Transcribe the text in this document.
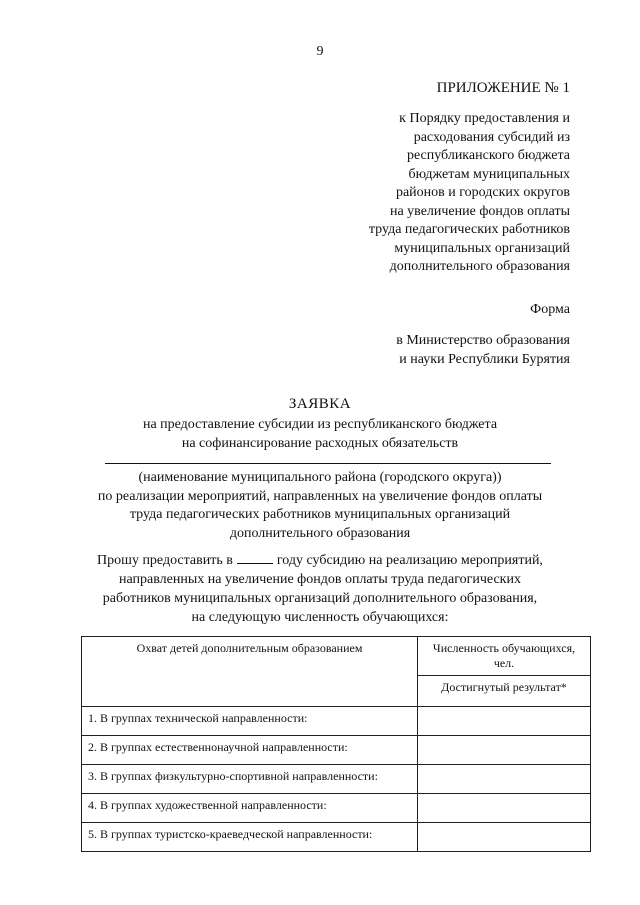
9
ПРИЛОЖЕНИЕ № 1
к Порядку предоставления и
расходования субсидий из
республиканского бюджета
бюджетам муниципальных
районов и городских округов
на увеличение фондов оплаты
труда педагогических работников
муниципальных организаций
дополнительного образования
Форма
в Министерство образования
и науки Республики Бурятия
ЗАЯВКА
на предоставление субсидии из республиканского бюджета
на софинансирование расходных обязательств
(наименование муниципального района (городского округа))
по реализации мероприятий, направленных на увеличение фондов оплаты
труда педагогических работников муниципальных организаций
дополнительного образования
Прошу предоставить в	году субсидию на реализацию мероприятий,
направленных на увеличение фондов оплаты труда педагогических
работников муниципальных организаций дополнительного образования,
на следующую численность обучающихся:
Охват детей дополнительным образованием	Численность обучающихся, чел.
	Достигнутый результат*
1. В группах технической направленности:	
2. В группах естественнонаучной направленности:	
3. В группах физкультурно-спортивной направленности:	
4. В группах художественной направленности:	
5. В группах туристско-краеведческой направленности:	
